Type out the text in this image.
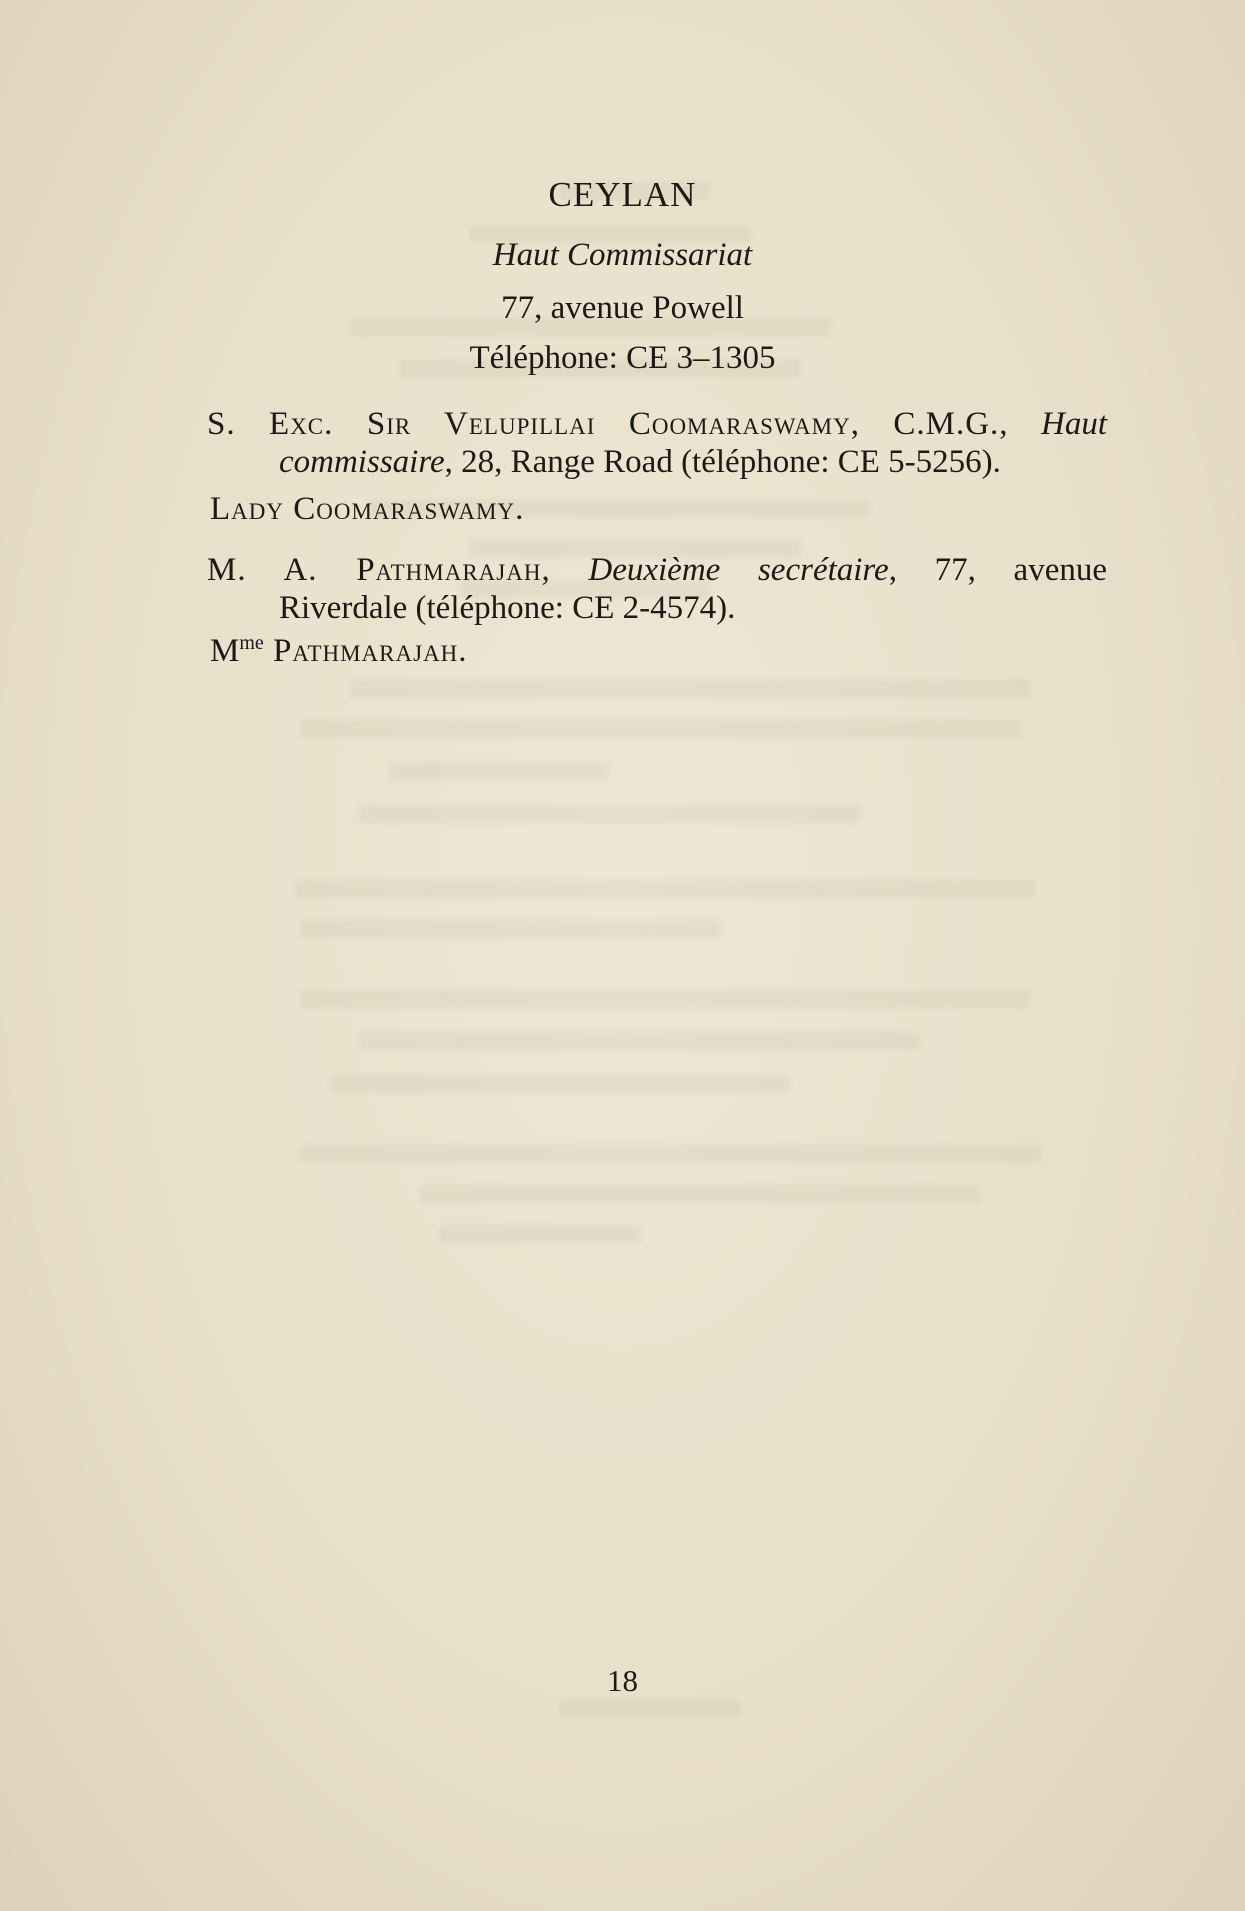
CEYLAN
Haut Commissariat
77, avenue Powell
Téléphone: CE 3–1305
S. Exc. Sir Velupillai Coomaraswamy, C.M.G., Haut
commissaire, 28, Range Road (téléphone: CE 5-5256).
Lady Coomaraswamy.
M. A. Pathmarajah, Deuxième secrétaire, 77, avenue
Riverdale (téléphone: CE 2-4574).
$M^{me}$ Pathmarajah.
18
